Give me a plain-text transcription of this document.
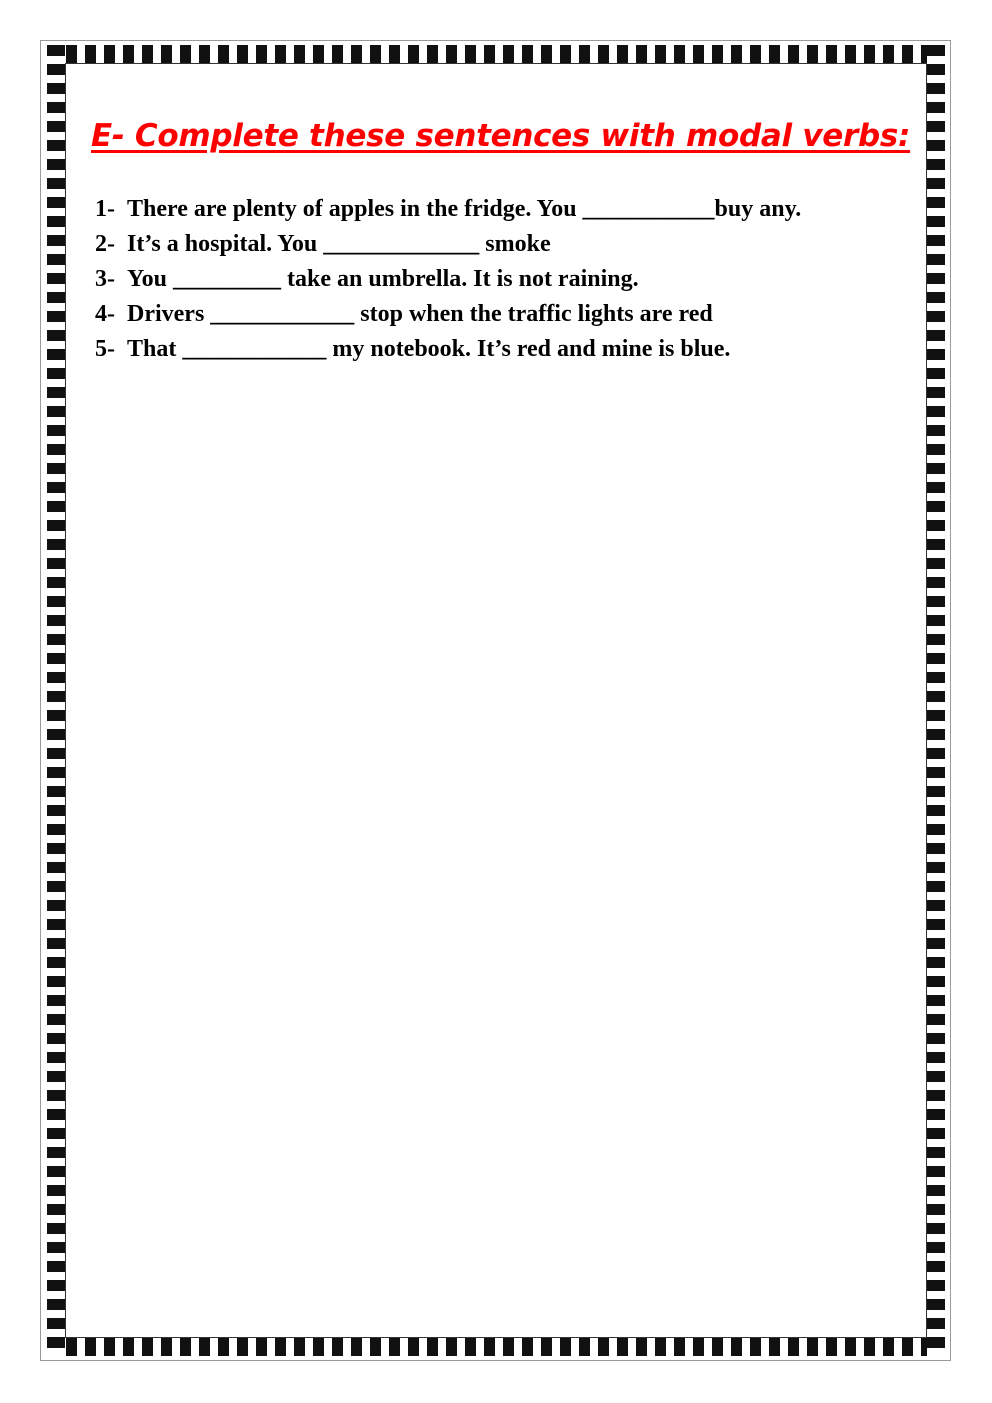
E- Complete these sentences with modal verbs:
1- There are plenty of apples in the fridge. You ___________buy any.
2- It’s a hospital. You _____________ smoke
3- You _________ take an umbrella. It is not raining.
4- Drivers ____________ stop when the traffic lights are red
5- That ____________ my notebook. It’s red and mine is blue.
